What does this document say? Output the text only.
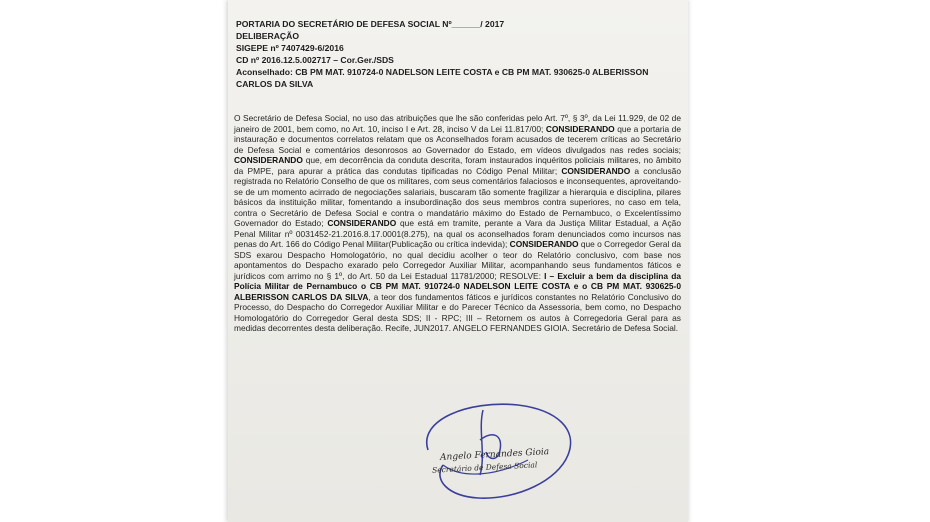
PORTARIA DO SECRETÁRIO DE DEFESA SOCIAL Nº______/ 2017
DELIBERAÇÃO
SIGEPE nº 7407429-6/2016
CD nº 2016.12.5.002717 – Cor.Ger./SDS
Aconselhado: CB PM MAT. 910724-0 NADELSON LEITE COSTA e CB PM MAT. 930625-0 ALBERISSON CARLOS DA SILVA

O Secretário de Defesa Social, no uso das atribuições que lhe são conferidas pelo Art. 7º, § 3º, da Lei 11.929, de 02 de janeiro de 2001, bem como, no Art. 10, inciso I e Art. 28, inciso V da Lei 11.817/00; CONSIDERANDO que a portaria de instauração e documentos correlatos relatam que os Aconselhados foram acusados de tecerem críticas ao Secretário de Defesa Social e comentários desonrosos ao Governador do Estado, em vídeos divulgados nas redes sociais; CONSIDERANDO que, em decorrência da conduta descrita, foram instaurados inquéritos policiais militares, no âmbito da PMPE, para apurar a prática das condutas tipificadas no Código Penal Militar; CONSIDERANDO a conclusão registrada no Relatório Conselho de que os militares, com seus comentários falaciosos e inconsequentes, aproveitando-se de um momento acirrado de negociações salariais, buscaram tão somente fragilizar a hierarquia e disciplina, pilares básicos da instituição militar, fomentando a insubordinação dos seus membros contra superiores, no caso em tela, contra o Secretário de Defesa Social e contra o mandatário máximo do Estado de Pernambuco, o Excelentíssimo Governador do Estado; CONSIDERANDO que está em tramite, perante a Vara da Justiça Militar Estadual, a Ação Penal Militar nº 0031452-21.2016.8.17.0001(8.275), na qual os aconselhados foram denunciados como incursos nas penas do Art. 166 do Código Penal Militar(Publicação ou crítica indevida); CONSIDERANDO que o Corregedor Geral da SDS exarou Despacho Homologatório, no qual decidiu acolher o teor do Relatório conclusivo, com base nos apontamentos do Despacho exarado pelo Corregedor Auxiliar Militar, acompanhando seus fundamentos fáticos e jurídicos com arrimo no § 1º, do Art. 50 da Lei Estadual 11781/2000; RESOLVE: I – Excluir a bem da disciplina da Polícia Militar de Pernambuco o CB PM MAT. 910724-0 NADELSON LEITE COSTA e o CB PM MAT. 930625-0 ALBERISSON CARLOS DA SILVA, a teor dos fundamentos fáticos e jurídicos constantes no Relatório Conclusivo do Processo, do Despacho do Corregedor Auxiliar Militar e do Parecer Técnico da Assessoria, bem como, no Despacho Homologatório do Corregedor Geral desta SDS; II - RPC; III – Retornem os autos à Corregedoria Geral para as medidas decorrentes desta deliberação. Recife, JUN2017. ANGELO FERNANDES GIOIA. Secretário de Defesa Social.

Angelo Fernandes Gioia
Secretário de Defesa Social
